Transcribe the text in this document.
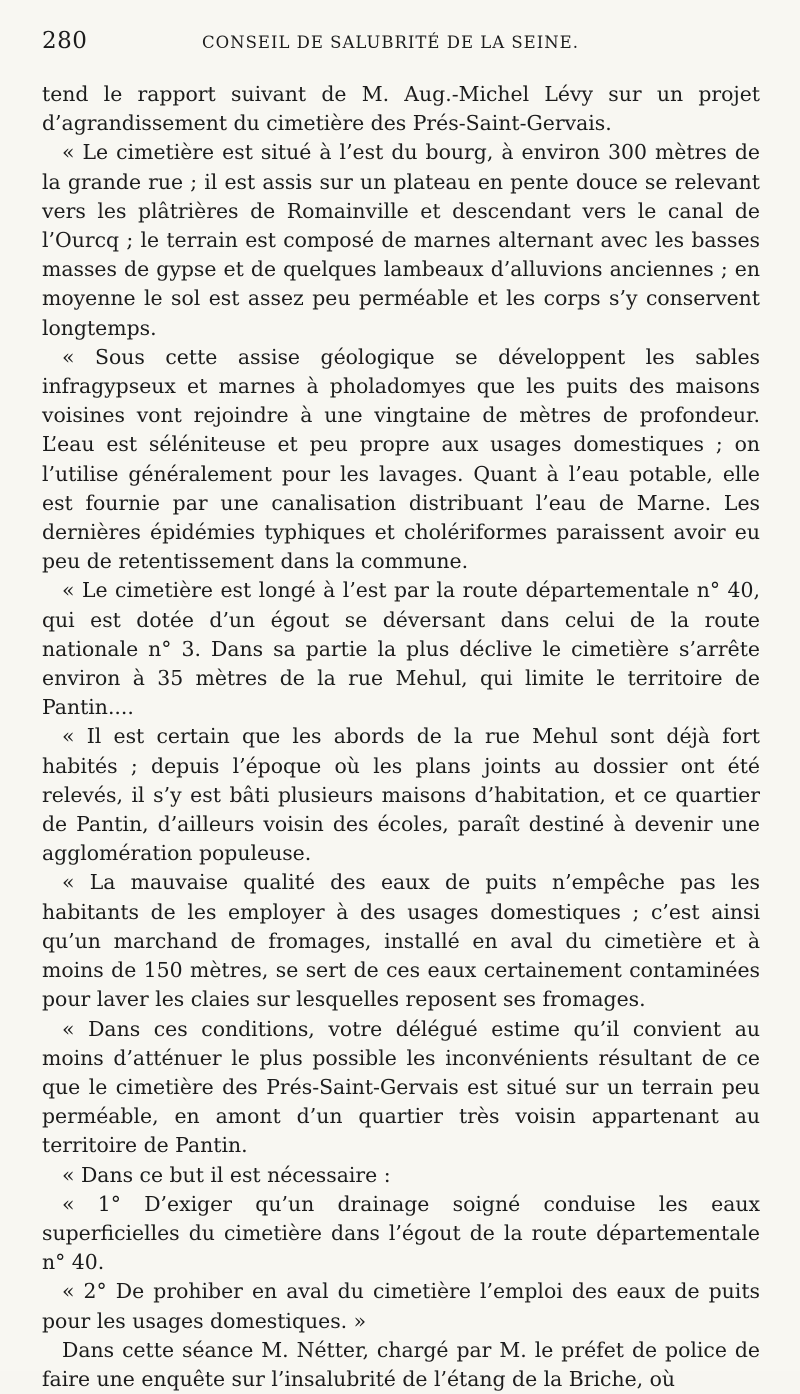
280	CONSEIL DE SALUBRITÉ DE LA SEINE.

tend le rapport suivant de M. Aug.-Michel Lévy sur un projet d’agrandissement du cimetière des Prés-Saint-Gervais.

« Le cimetière est situé à l’est du bourg, à environ 300 mètres de la grande rue ; il est assis sur un plateau en pente douce se relevant vers les plâtrières de Romainville et descendant vers le canal de l’Ourcq ; le terrain est composé de marnes alternant avec les basses masses de gypse et de quelques lambeaux d’alluvions anciennes ; en moyenne le sol est assez peu perméable et les corps s’y conservent longtemps.

« Sous cette assise géologique se développent les sables infragypseux et marnes à pholadomyes que les puits des maisons voisines vont rejoindre à une vingtaine de mètres de profondeur. L’eau est séléniteuse et peu propre aux usages domestiques ; on l’utilise généralement pour les lavages. Quant à l’eau potable, elle est fournie par une canalisation distribuant l’eau de Marne. Les dernières épidémies typhiques et cholériformes paraissent avoir eu peu de retentissement dans la commune.

« Le cimetière est longé à l’est par la route départementale n° 40, qui est dotée d’un égout se déversant dans celui de la route nationale n° 3. Dans sa partie la plus déclive le cimetière s’arrête environ à 35 mètres de la rue Mehul, qui limite le territoire de Pantin....

« Il est certain que les abords de la rue Mehul sont déjà fort habités ; depuis l’époque où les plans joints au dossier ont été relevés, il s’y est bâti plusieurs maisons d’habitation, et ce quartier de Pantin, d’ailleurs voisin des écoles, paraît destiné à devenir une agglomération populeuse.

« La mauvaise qualité des eaux de puits n’empêche pas les habitants de les employer à des usages domestiques ; c’est ainsi qu’un marchand de fromages, installé en aval du cimetière et à moins de 150 mètres, se sert de ces eaux certainement contaminées pour laver les claies sur lesquelles reposent ses fromages.

« Dans ces conditions, votre délégué estime qu’il convient au moins d’atténuer le plus possible les inconvénients résultant de ce que le cimetière des Prés-Saint-Gervais est situé sur un terrain peu perméable, en amont d’un quartier très voisin appartenant au territoire de Pantin.

« Dans ce but il est nécessaire :

« 1° D’exiger qu’un drainage soigné conduise les eaux superficielles du cimetière dans l’égout de la route départementale n° 40.

« 2° De prohiber en aval du cimetière l’emploi des eaux de puits pour les usages domestiques. »

Dans cette séance M. Nétter, chargé par M. le préfet de police de faire une enquête sur l’insalubrité de l’étang de la Briche, où
